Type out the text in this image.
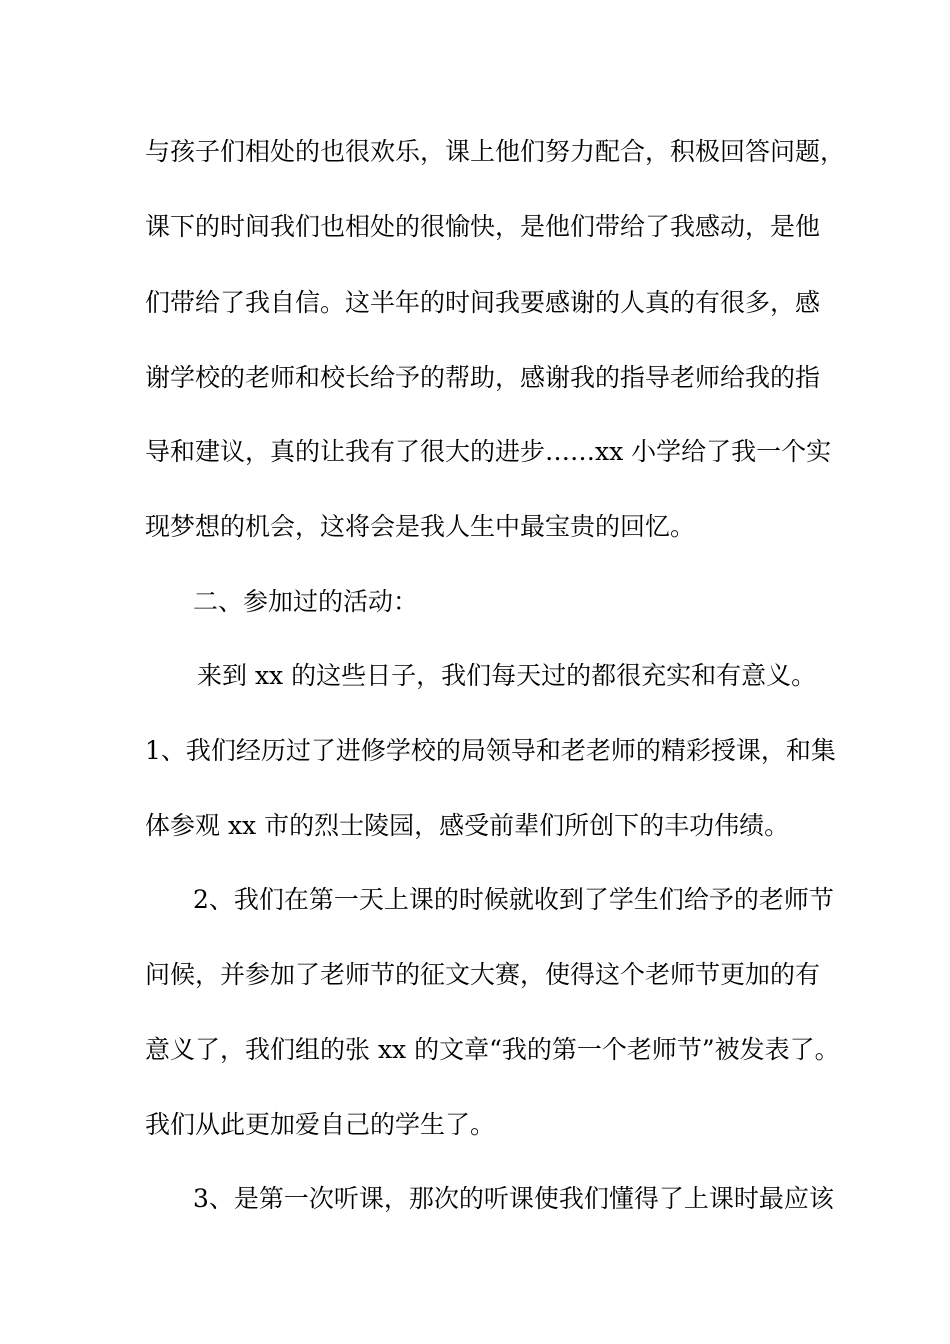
与孩子们相处的也很欢乐，课上他们努力配合，积极回答问题，
课下的时间我们也相处的很愉快，是他们带给了我感动，是他
们带给了我自信。这半年的时间我要感谢的人真的有很多，感
谢学校的老师和校长给予的帮助，感谢我的指导老师给我的指
导和建议，真的让我有了很大的进步……xx 小学给了我一个实
现梦想的机会，这将会是我人生中最宝贵的回忆。
二、参加过的活动：
来到 xx 的这些日子，我们每天过的都很充实和有意义。
1、我们经历过了进修学校的局领导和老老师的精彩授课，和集
体参观 xx 市的烈士陵园，感受前辈们所创下的丰功伟绩。
2、我们在第一天上课的时候就收到了学生们给予的老师节
问候，并参加了老师节的征文大赛，使得这个老师节更加的有
意义了，我们组的张 xx 的文章“我的第一个老师节”被发表了。
我们从此更加爱自己的学生了。
3、是第一次听课，那次的听课使我们懂得了上课时最应该
